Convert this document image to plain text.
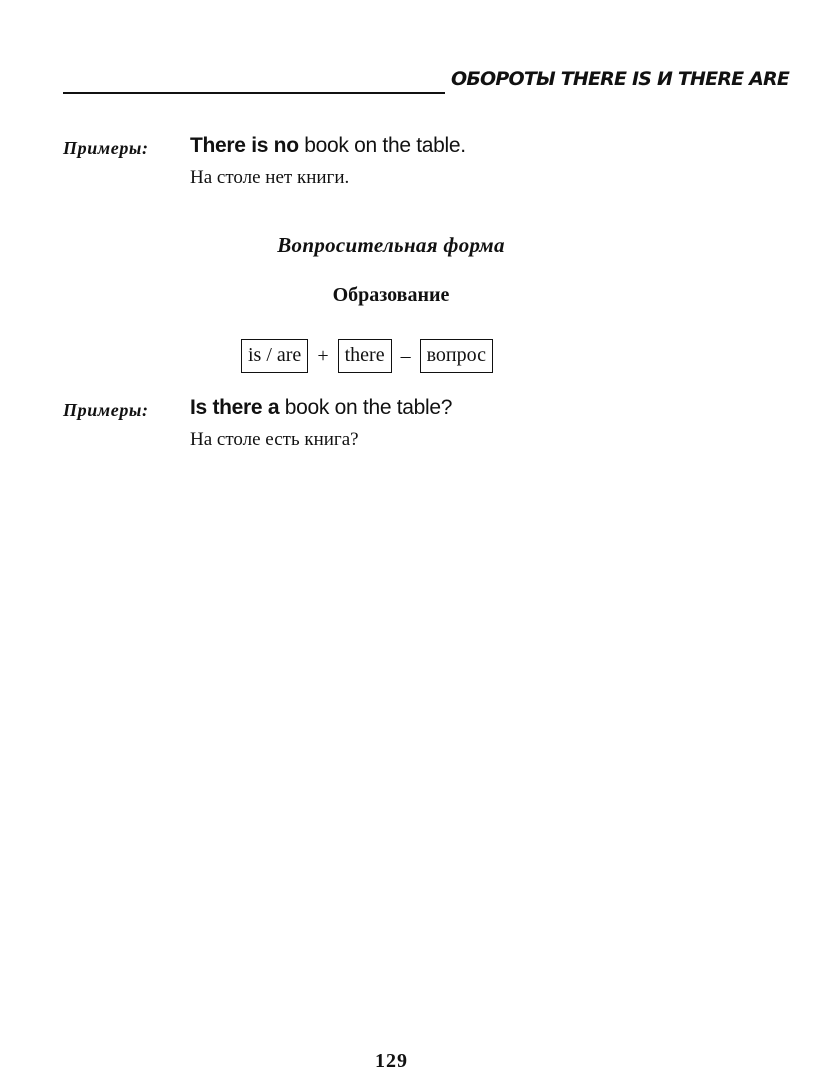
ОБОРОТЫ THERE IS И THERE ARE
Примеры: There is no book on the table.
На столе нет книги.
Вопросительная форма
Образование
is / are + there – вопрос
Примеры: Is there a book on the table?
На столе есть книга?
129
